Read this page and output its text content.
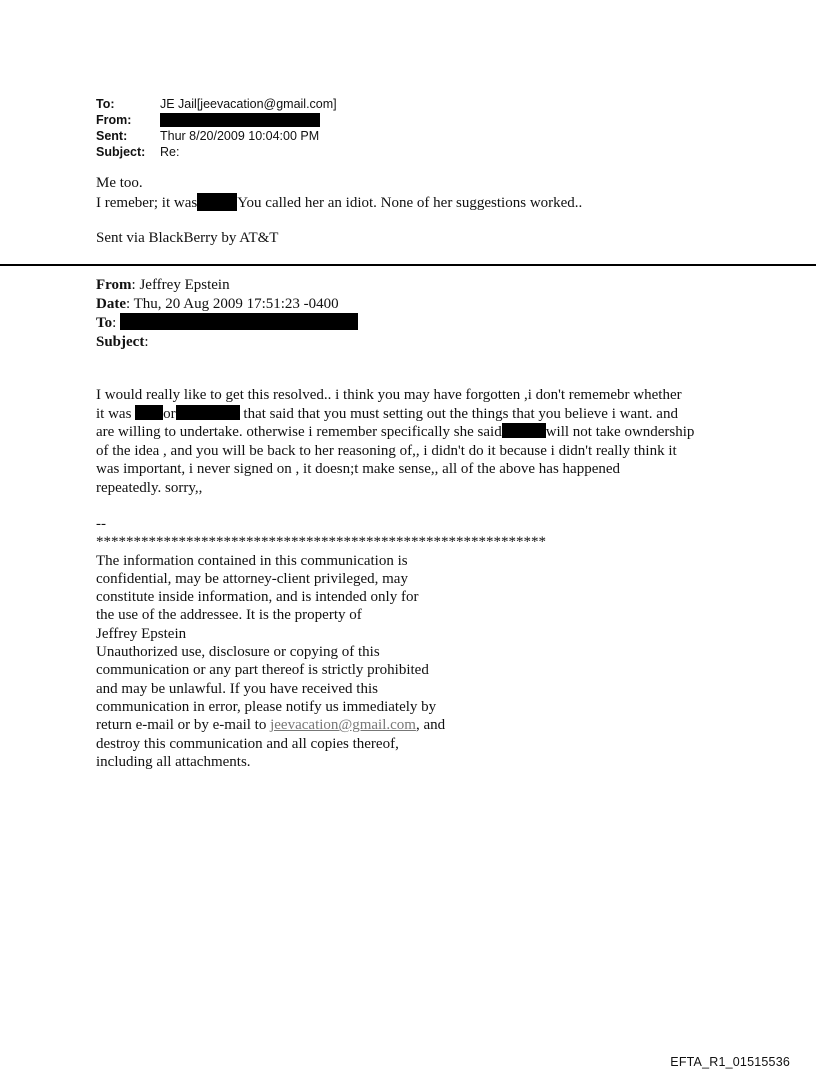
To:	JE Jail[jeevacation@gmail.com]
From:
Sent:	Thur 8/20/2009 10:04:00 PM
Subject:	Re:

Me too.

I remeber; it was	You called her an idiot. None of her suggestions worked..

Sent via BlackBerry by AT&T

From: Jeffrey Epstein
Date: Thu, 20 Aug 2009 17:51:23 -0400
To:
Subject:
I would really like to get this resolved.. i think you may have forgotten ,i don't rememebr whether
it was or	that said that you must setting out the things that you believe i want. and
are willing to undertake. otherwise i remember specifically she said	will not take owndership
of the idea , and you will be back to her reasoning of,, i didn't do it because i didn't really think it
was important, i never signed on , it doesn;t make sense,, all of the above has happened
repeatedly. sorry,,
--
************************************************************
The information contained in this communication is
confidential, may be attorney-client privileged, may
constitute inside information, and is intended only for
the use of the addressee. It is the property of
Jeffrey Epstein
Unauthorized use, disclosure or copying of this
communication or any part thereof is strictly prohibited
and may be unlawful. If you have received this
communication in error, please notify us immediately by
return e-mail or by e-mail to jeevacation@gmail.com, and
destroy this communication and all copies thereof,
including all attachments.
EFTA_R1_01515536
